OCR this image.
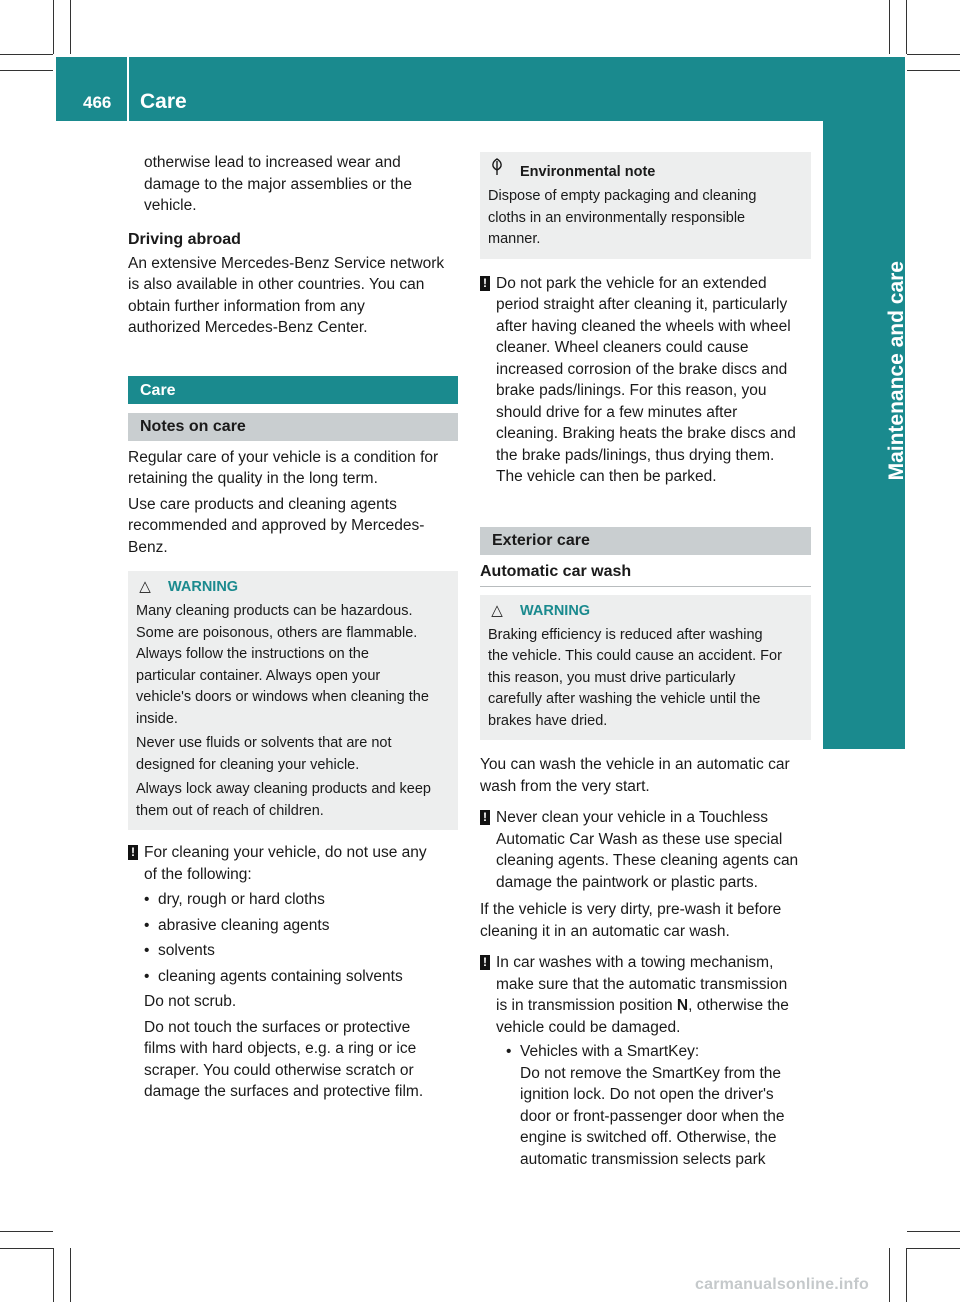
466 Care
Maintenance and care

otherwise lead to increased wear and

damage to the major assemblies or the

vehicle.

Driving abroad

An extensive Mercedes-Benz Service network

is also available in other countries. You can

obtain further information from any

authorized Mercedes-Benz Center.

Care
Notes on care

Regular care of your vehicle is a condition for

retaining the quality in the long term.

Use care products and cleaning agents

recommended and approved by Mercedes-

Benz.

△ WARNING

Many cleaning products can be hazardous.

Some are poisonous, others are flammable.

Always follow the instructions on the

particular container. Always open your

vehicle's doors or windows when cleaning the

inside.

Never use fluids or solvents that are not

designed for cleaning your vehicle.

Always lock away cleaning products and keep

them out of reach of children.

! For cleaning your vehicle, do not use any

of the following:

• dry, rough or hard cloths

• abrasive cleaning agents

• solvents

• cleaning agents containing solvents

Do not scrub.

Do not touch the surfaces or protective

films with hard objects, e.g. a ring or ice

scraper. You could otherwise scratch or

damage the surfaces and protective film.

Environmental note

Dispose of empty packaging and cleaning

cloths in an environmentally responsible

manner.

! Do not park the vehicle for an extended

period straight after cleaning it, particularly

after having cleaned the wheels with wheel

cleaner. Wheel cleaners could cause

increased corrosion of the brake discs and

brake pads/linings. For this reason, you

should drive for a few minutes after

cleaning. Braking heats the brake discs and

the brake pads/linings, thus drying them.

The vehicle can then be parked.

Exterior care

Automatic car wash

△ WARNING

Braking efficiency is reduced after washing

the vehicle. This could cause an accident. For

this reason, you must drive particularly

carefully after washing the vehicle until the

brakes have dried.

You can wash the vehicle in an automatic car

wash from the very start.

! Never clean your vehicle in a Touchless

Automatic Car Wash as these use special

cleaning agents. These cleaning agents can

damage the paintwork or plastic parts.

If the vehicle is very dirty, pre-wash it before

cleaning it in an automatic car wash.

! In car washes with a towing mechanism,

make sure that the automatic transmission

is in transmission position N, otherwise the

vehicle could be damaged.

• Vehicles with a SmartKey:

Do not remove the SmartKey from the

ignition lock. Do not open the driver's

door or front-passenger door when the

engine is switched off. Otherwise, the

automatic transmission selects park

carmanualsonline.info
